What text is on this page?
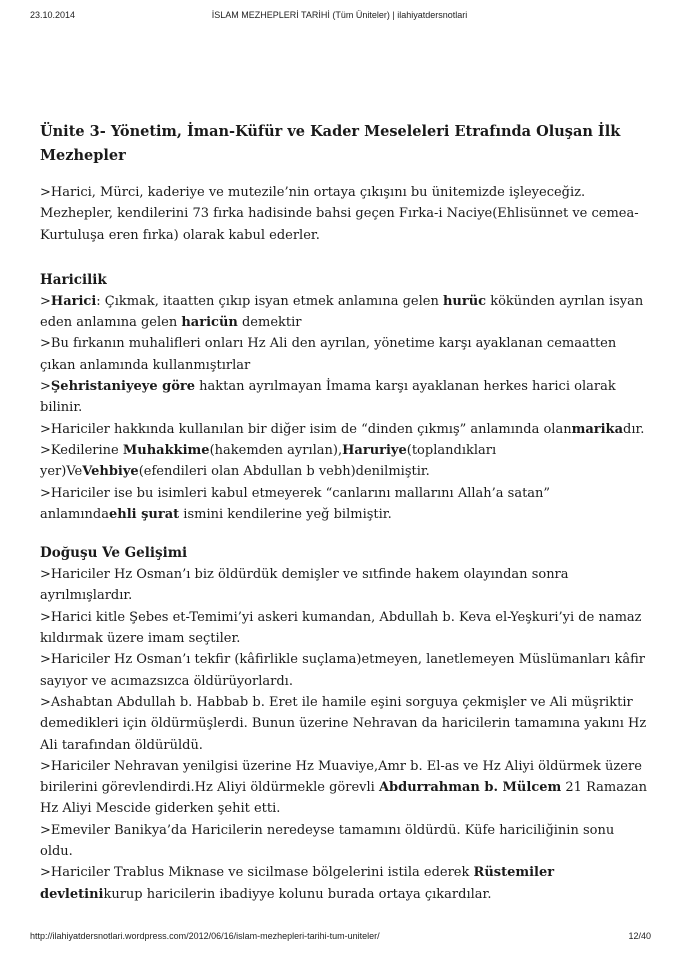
23.10.2014	İSLAM MEZHEPLERİ TARİHİ (Tüm Üniteler) | ilahiyatdersnotlari
Ünite 3- Yönetim, İman-Küfür ve Kader Meseleleri Etrafında Oluşan İlk Mezhepler

>Harici, Mürci, kaderiye ve mutezile’nin ortaya çıkışını bu ünitemizde işleyeceğiz. Mezhepler, kendilerini 73 fırka hadisinde bahsi geçen Fırka-i Naciye(Ehlisünnet ve cemea-Kurtuluşa eren fırka) olarak kabul ederler.

Haricilik

>Harici: Çıkmak, itaatten çıkıp isyan etmek anlamına gelen hurüc kökünden ayrılan isyan eden anlamına gelen haricün demektir

>Bu fırkanın muhalifleri onları Hz Ali den ayrılan, yönetime karşı ayaklanan cemaatten çıkan anlamında kullanmıştırlar

>Şehristaniyeye göre haktan ayrılmayan İmama karşı ayaklanan herkes harici olarak bilinir.

>Hariciler hakkında kullanılan bir diğer isim de “dinden çıkmış” anlamında olanmarikadır.

>Kedilerine Muhakkime(hakemden ayrılan),Haruriye(toplandıkları yer)VeVehbiye(efendileri olan Abdullan b vebh)denilmiştir.

>Hariciler ise bu isimleri kabul etmeyerek “canlarını mallarını Allah’a satan” anlamındaehli şurat ismini kendilerine yeğ bilmiştir.

Doğuşu Ve Gelişimi

>Hariciler Hz Osman’ı biz öldürdük demişler ve sıtfinde hakem olayından sonra ayrılmışlardır.

>Harici kitle Şebes et-Temimi’yi askeri kumandan, Abdullah b. Keva el-Yeşkuri’yi de namaz kıldırmak üzere imam seçtiler.

>Hariciler Hz Osman’ı tekfir (kâfirlikle suçlama)etmeyen, lanetlemeyen Müslümanları kâfir sayıyor ve acımazsızca öldürüyorlardı.

>Ashabtan Abdullah b. Habbab b. Eret ile hamile eşini sorguya çekmişler ve Ali müşriktir demedikleri için öldürmüşlerdi. Bunun üzerine Nehravan da haricilerin tamamına yakını Hz Ali tarafından öldürüldü.

>Hariciler Nehravan yenilgisi üzerine Hz Muaviye,Amr b. El-as ve Hz Aliyi öldürmek üzere birilerini görevlendirdi.Hz Aliyi öldürmekle görevli Abdurrahman b. Mülcem 21 Ramazan Hz Aliyi Mescide giderken şehit etti.

>Emeviler Banikya’da Haricilerin neredeyse tamamını öldürdü. Küfe hariciliğinin sonu oldu.

>Hariciler Trablus Miknase ve sicilmase bölgelerini istila ederek Rüstemiler devletinikurup haricilerin ibadiyye kolunu burada ortaya çıkardılar.

http://ilahiyatdersnotlari.wordpress.com/2012/06/16/islam-mezhepleri-tarihi-tum-uniteler/	12/40
